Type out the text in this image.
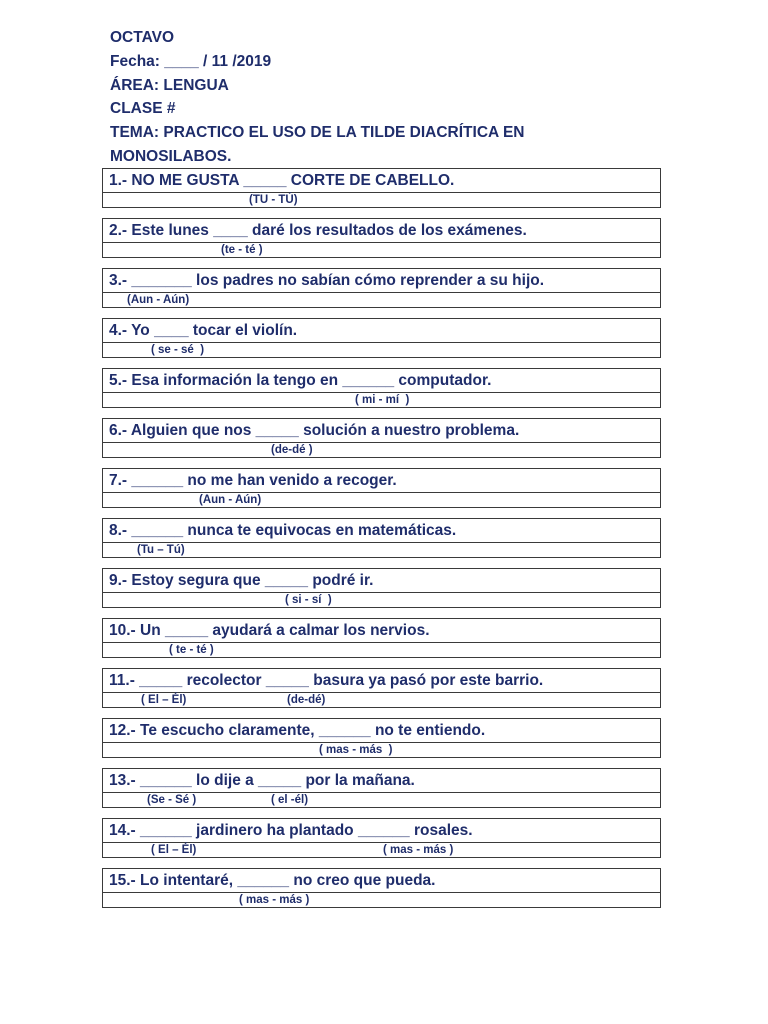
OCTAVO
Fecha: ____ / 11 /2019
ÁREA: LENGUA
CLASE #
TEMA: PRACTICO EL USO DE LA TILDE DIACRÍTICA EN
MONOSILABOS.
1.- NO ME GUSTA _____ CORTE DE CABELLO.
(TU - TÚ)
2.- Este lunes ____ daré los resultados de los exámenes.
(te - té )
3.- _______ los padres no sabían cómo reprender a su hijo.
(Aun - Aún)
4.- Yo ____ tocar el violín.
( se - sé  )
5.- Esa información la tengo en ______ computador.
( mi - mí  )
6.- Alguien que nos _____ solución a nuestro problema.
(de-dé )
7.- ______ no me han venido a recoger.
(Aun - Aún)
8.- ______ nunca te equivocas en matemáticas.
(Tu – Tú)
9.- Estoy segura que _____ podré ir.
( si - sí  )
10.- Un _____ ayudará a calmar los nervios.
( te - té )
11.- _____ recolector _____ basura ya pasó por este barrio.
( El – Él)	(de-dé)
12.- Te escucho claramente, ______ no te entiendo.
( mas - más  )
13.- ______ lo dije a _____ por la mañana.
(Se - Sé )	( el -él)
14.- ______ jardinero ha plantado ______ rosales.
( El – Él)	( mas - más )
15.- Lo intentaré, ______ no creo que pueda.
( mas - más )
